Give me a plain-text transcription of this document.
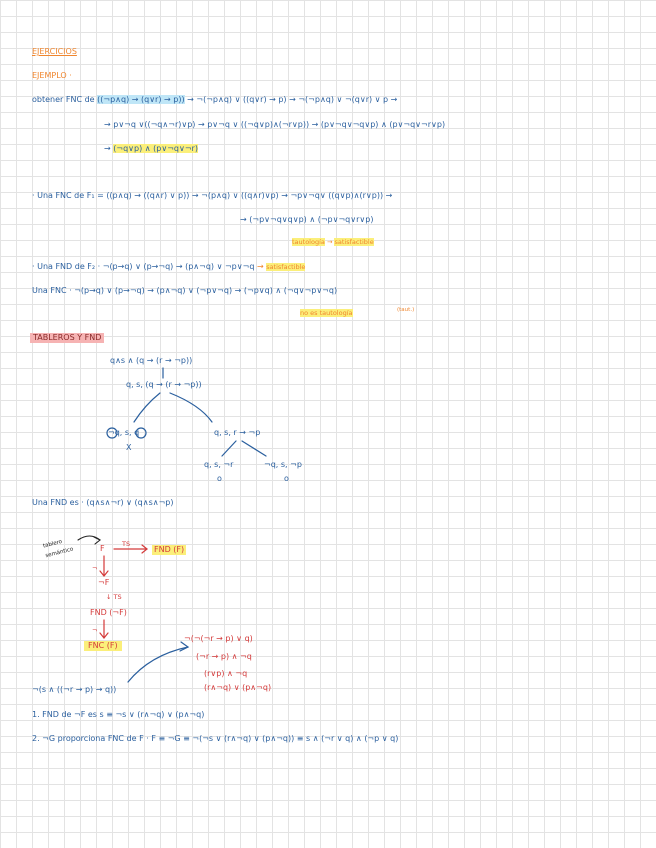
EJERCICIOS
EJEMPLO ·
obtener FNC de ((¬p∧q) → (q∨r) → p)) → ¬(¬p∧q) ∨ ((q∨r) → p) → ¬(¬p∧q) ∨ ¬(q∨r) ∨ p →
→ p∨¬q ∨((¬q∧¬r)∨p) → p∨¬q ∨ ((¬q∨p)∧(¬r∨p)) → (p∨¬q∨¬q∨p) ∧ (p∨¬q∨¬r∨p)
→ (¬q∨p) ∧ (p∨¬q∨¬r)
· Una FNC de F₁ = ((p∧q) → ((q∧r) ∨ p)) → ¬(p∧q) ∨ ((q∧r)∨p) → ¬p∨¬q∨ ((q∨p)∧(r∨p)) →
→ (¬p∨¬q∨q∨p) ∧ (¬p∨¬q∨r∨p)
tautología → satisfactible
· Una FND de F₂ · ¬(p→q) ∨ (p→¬q) → (p∧¬q) ∨ ¬p∨¬q → satisfactible
Una FNC · ¬(p→q) ∨ (p→¬q) → (p∧¬q) ∨ (¬p∨¬q) → (¬p∨q) ∧ (¬q∨¬p∨¬q)
no es tautología	(taut.)
TABLEROS Y FND
q∧s ∧ (q → (r → ¬p))
q, s, (q → (r → ¬p))
¬q, s, q
X
q, s, r → ¬p
q, s, ¬r	¬q, s, ¬p
o	o
Una FND es · (q∧s∧¬r) ∨ (q∧s∧¬p)
tablero
semántico	F	TS
FND (F)
¬
¬F
↓ TS
FND (¬F)
¬
FNC (F)
¬(¬(¬r → p) ∨ q)
(¬r → p) ∧ ¬q
(r∨p) ∧ ¬q
(r∧¬q) ∨ (p∧¬q)
¬(s ∧ ((¬r → p) → q))
1. FND de ¬F es s ≡ ¬s ∨ (r∧¬q) ∨ (p∧¬q)
2. ¬G proporciona FNC de F · F ≡ ¬G ≡ ¬(¬s ∨ (r∧¬q) ∨ (p∧¬q)) ≡ s ∧ (¬r ∨ q) ∧ (¬p ∨ q)
